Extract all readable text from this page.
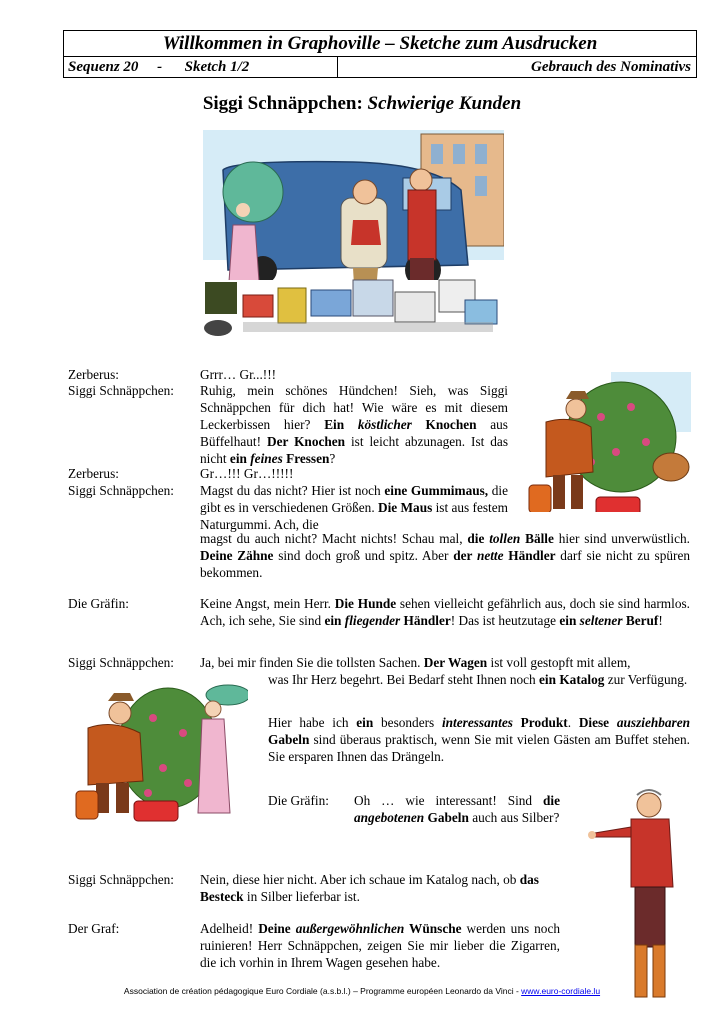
Willkommen in Graphoville – Sketche zum Ausdrucken
Sequenz 20     -      Sketch 1/2	Gebrauch des Nominativs
Siggi Schnäppchen: Schwierige Kunden
Zerberus:	Grrr… Gr...!!!
Siggi Schnäppchen: Ruhig, mein schönes Hündchen! Sieh, was Siggi Schnäppchen für dich hat! Wie wäre es mit diesem Leckerbissen hier? Ein köstlicher Knochen aus Büffelhaut! Der Knochen ist leicht abzunagen. Ist das nicht ein feines Fressen?
Zerberus:	Gr…!!! Gr…!!!!!
Siggi Schnäppchen: Magst du das nicht? Hier ist noch eine Gummimaus, die gibt es in verschiedenen Größen. Die Maus ist aus festem Naturgummi. Ach, die
magst du auch nicht? Macht nichts! Schau mal, die tollen Bälle hier sind unverwüstlich. Deine Zähne sind doch groß und spitz. Aber der nette Händler darf sie nicht zu spüren bekommen.
Die Gräfin:	Keine Angst, mein Herr. Die Hunde sehen vielleicht gefährlich aus, doch sie sind harmlos. Ach, ich sehe, Sie sind ein fliegender Händler! Das ist heutzutage ein seltener Beruf!
Siggi Schnäppchen: Ja, bei mir finden Sie die tollsten Sachen. Der Wagen ist voll gestopft mit allem,
was Ihr Herz begehrt. Bei Bedarf steht Ihnen noch ein Katalog zur Verfügung.
Hier habe ich ein besonders interessantes Produkt. Diese ausziehbaren Gabeln sind überaus praktisch, wenn Sie mit vielen Gästen am Buffet stehen. Sie ersparen Ihnen das Drängeln.
Die Gräfin: Oh … wie interessant! Sind die angebotenen Gabeln auch aus Silber?
Siggi Schnäppchen: Nein, diese hier nicht. Aber ich schaue im Katalog nach, ob das Besteck in Silber lieferbar ist.
Der Graf:	Adelheid! Deine außergewöhnlichen Wünsche werden uns noch ruinieren! Herr Schnäppchen, zeigen Sie mir lieber die Zigarren, die ich vorhin in Ihrem Wagen gesehen habe.
Association de création pédagogique Euro Cordiale (a.s.b.l.) – Programme européen Leonardo da Vinci - www.euro-cordiale.lu
